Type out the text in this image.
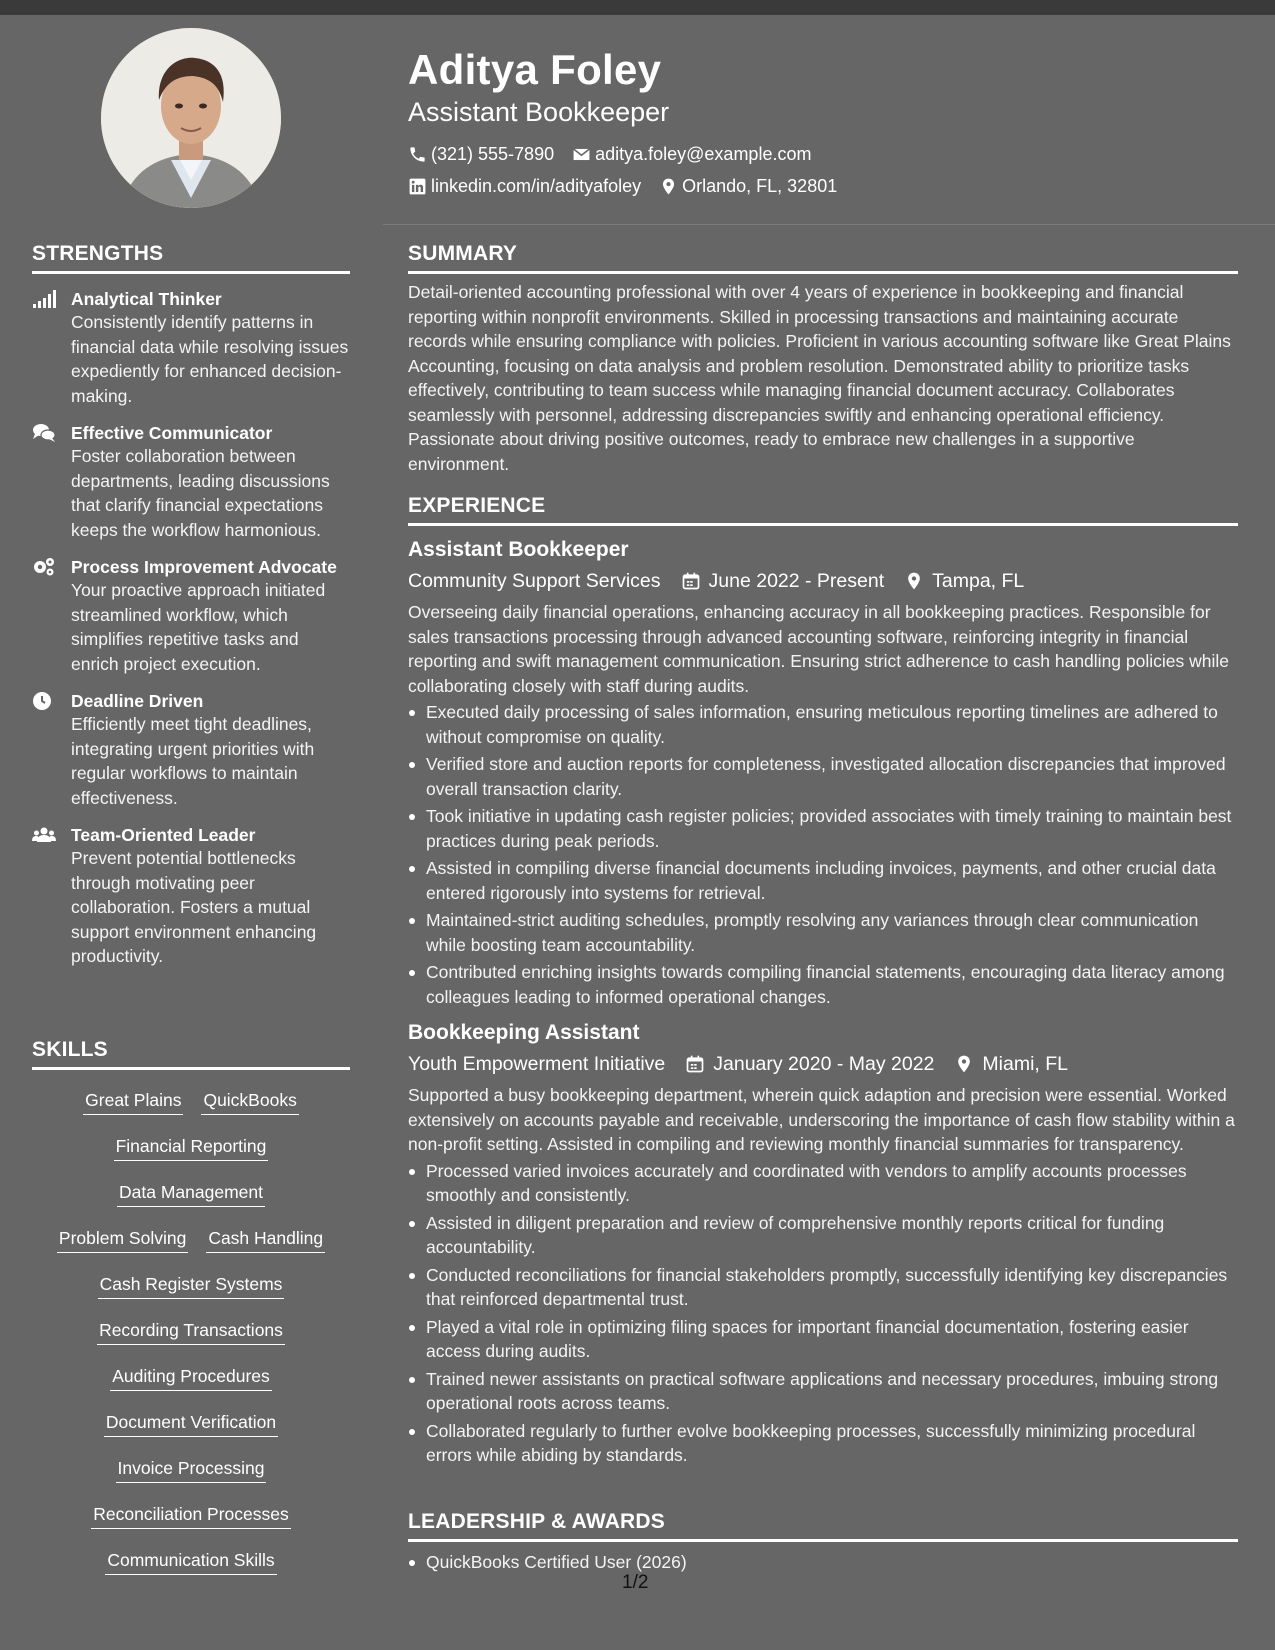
Aditya Foley
Assistant Bookkeeper
(321) 555-7890 aditya.foley@example.com
linkedin.com/in/adityafoley Orlando, FL, 32801
STRENGTHS
Analytical Thinker
Consistently identify patterns in financial data while resolving issues expediently for enhanced decision-making.
Effective Communicator
Foster collaboration between departments, leading discussions that clarify financial expectations keeps the workflow harmonious.
Process Improvement Advocate
Your proactive approach initiated streamlined workflow, which simplifies repetitive tasks and enrich project execution.
Deadline Driven
Efficiently meet tight deadlines, integrating urgent priorities with regular workflows to maintain effectiveness.
Team-Oriented Leader
Prevent potential bottlenecks through motivating peer collaboration. Fosters a mutual support environment enhancing productivity.
SKILLS
Great Plains QuickBooks
Financial Reporting
Data Management
Problem Solving Cash Handling
Cash Register Systems
Recording Transactions
Auditing Procedures
Document Verification
Invoice Processing
Reconciliation Processes
Communication Skills
SUMMARY
Detail-oriented accounting professional with over 4 years of experience in bookkeeping and financial reporting within nonprofit environments. Skilled in processing transactions and maintaining accurate records while ensuring compliance with policies. Proficient in various accounting software like Great Plains Accounting, focusing on data analysis and problem resolution. Demonstrated ability to prioritize tasks effectively, contributing to team success while managing financial document accuracy. Collaborates seamlessly with personnel, addressing discrepancies swiftly and enhancing operational efficiency. Passionate about driving positive outcomes, ready to embrace new challenges in a supportive environment.
EXPERIENCE
Assistant Bookkeeper
Community Support Services June 2022 - Present Tampa, FL
Overseeing daily financial operations, enhancing accuracy in all bookkeeping practices. Responsible for sales transactions processing through advanced accounting software, reinforcing integrity in financial reporting and swift management communication. Ensuring strict adherence to cash handling policies while collaborating closely with staff during audits.
Executed daily processing of sales information, ensuring meticulous reporting timelines are adhered to without compromise on quality.
Verified store and auction reports for completeness, investigated allocation discrepancies that improved overall transaction clarity.
Took initiative in updating cash register policies; provided associates with timely training to maintain best practices during peak periods.
Assisted in compiling diverse financial documents including invoices, payments, and other crucial data entered rigorously into systems for retrieval.
Maintained-strict auditing schedules, promptly resolving any variances through clear communication while boosting team accountability.
Contributed enriching insights towards compiling financial statements, encouraging data literacy among colleagues leading to informed operational changes.
Bookkeeping Assistant
Youth Empowerment Initiative January 2020 - May 2022 Miami, FL
Supported a busy bookkeeping department, wherein quick adaption and precision were essential. Worked extensively on accounts payable and receivable, underscoring the importance of cash flow stability within a non-profit setting. Assisted in compiling and reviewing monthly financial summaries for transparency.
Processed varied invoices accurately and coordinated with vendors to amplify accounts processes smoothly and consistently.
Assisted in diligent preparation and review of comprehensive monthly reports critical for funding accountability.
Conducted reconciliations for financial stakeholders promptly, successfully identifying key discrepancies that reinforced departmental trust.
Played a vital role in optimizing filing spaces for important financial documentation, fostering easier access during audits.
Trained newer assistants on practical software applications and necessary procedures, imbuing strong operational roots across teams.
Collaborated regularly to further evolve bookkeeping processes, successfully minimizing procedural errors while abiding by standards.
LEADERSHIP & AWARDS
QuickBooks Certified User (2026)
1/2
